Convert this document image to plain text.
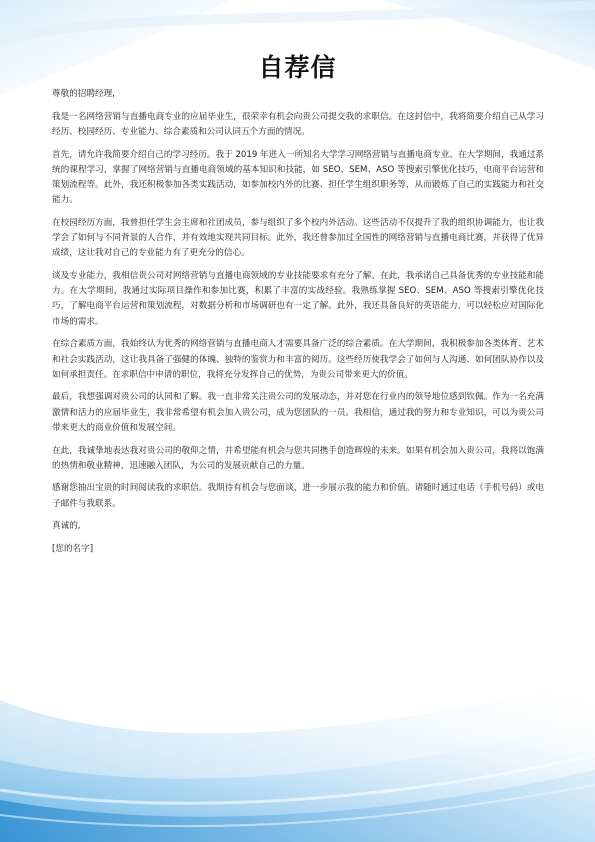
自荐信

尊敬的招聘经理,

我是一名网络营销与直播电商专业的应届毕业生，很荣幸有机会向贵公司提交我的求职信。在这封信中，我将简要介绍自己从学习经历、校园经历、专业能力、综合素质和公司认同五个方面的情况。

首先，请允许我简要介绍自己的学习经历。我于 2019 年进入一所知名大学学习网络营销与直播电商专业。在大学期间，我通过系统的课程学习，掌握了网络营销与直播电商领域的基本知识和技能，如 SEO、SEM、ASO 等搜索引擎优化技巧，电商平台运营和策划流程等。此外，我还积极参加各类实践活动，如参加校内外的比赛、担任学生组织职务等，从而锻炼了自己的实践能力和社交能力。

在校园经历方面，我曾担任学生会主席和社团成员，参与组织了多个校内外活动。这些活动不仅提升了我的组织协调能力，也让我学会了如何与不同背景的人合作，并有效地实现共同目标。此外，我还曾参加过全国性的网络营销与直播电商比赛，并获得了优异成绩，这让我对自己的专业能力有了更充分的信心。

谈及专业能力，我相信贵公司对网络营销与直播电商领域的专业技能要求有充分了解。在此，我承诺自己具备优秀的专业技能和能力。在大学期间，我通过实际项目操作和参加比赛，积累了丰富的实战经验。我熟练掌握 SEO、SEM、ASO 等搜索引擎优化技巧，了解电商平台运营和策划流程，对数据分析和市场调研也有一定了解。此外，我还具备良好的英语能力，可以轻松应对国际化市场的需求。

在综合素质方面，我始终认为优秀的网络营销与直播电商人才需要具备广泛的综合素质。在大学期间，我积极参加各类体育、艺术和社会实践活动，这让我具备了强健的体魄、独特的鉴赏力和丰富的阅历。这些经历使我学会了如何与人沟通、如何团队协作以及如何承担责任。在求职信中申请的职位，我将充分发挥自己的优势，为贵公司带来更大的价值。

最后，我想强调对贵公司的认同和了解。我一直非常关注贵公司的发展动态，并对您在行业内的领导地位感到钦佩。作为一名充满激情和活力的应届毕业生，我非常希望有机会加入贵公司，成为您团队的一员。我相信，通过我的努力和专业知识，可以为贵公司带来更大的商业价值和发展空间。

在此，我诚挚地表达我对贵公司的敬仰之情，并希望能有机会与您共同携手创造辉煌的未来。如果有机会加入贵公司，我将以饱满的热情和敬业精神，迅速融入团队，为公司的发展贡献自己的力量。

感谢您抽出宝贵的时间阅读我的求职信。我期待有机会与您面谈，进一步展示我的能力和价值。请随时通过电话（手机号码）或电子邮件与我联系。

真诚的,

[您的名字]
